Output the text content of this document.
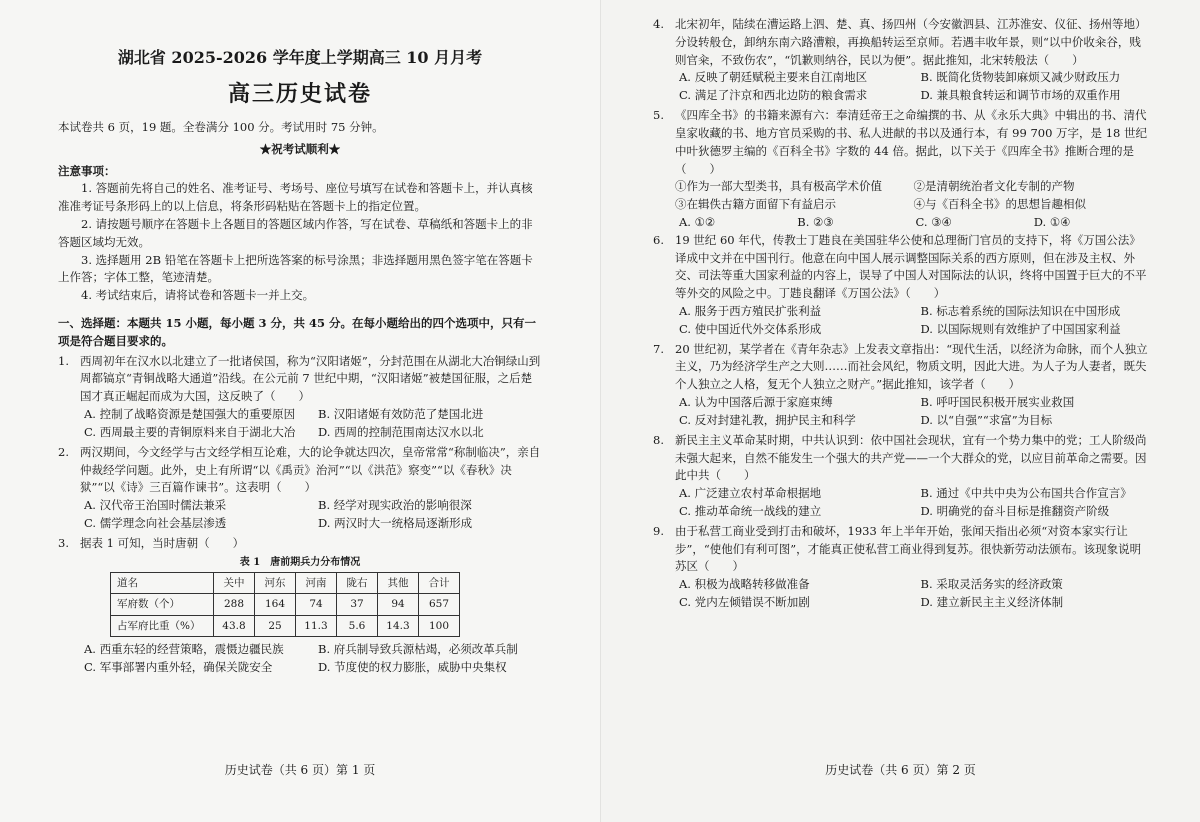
湖北省 2025-2026 学年度上学期高三 10 月月考
高三历史试卷

本试卷共 6 页，19 题。全卷满分 100 分。考试用时 75 分钟。

★祝考试顺利★

注意事项：

1. 答题前先将自己的姓名、准考证号、考场号、座位号填写在试卷和答题卡上，并认真核准准考证号条形码上的以上信息，将条形码粘贴在答题卡上的指定位置。

2. 请按题号顺序在答题卡上各题目的答题区域内作答，写在试卷、草稿纸和答题卡上的非答题区域均无效。

3. 选择题用 2B 铅笔在答题卡上把所选答案的标号涂黑；非选择题用黑色签字笔在答题卡上作答；字体工整，笔迹清楚。

4. 考试结束后，请将试卷和答题卡一并上交。

一、选择题：本题共 15 小题，每小题 3 分，共 45 分。在每小题给出的四个选项中，只有一项是符合题目要求的。

1. 西周初年在汉水以北建立了一批诸侯国，称为“汉阳诸姬”，分封范围在从湖北大冶铜绿山到周都镐京“青铜战略大通道”沿线。在公元前 7 世纪中期，“汉阳诸姬”被楚国征服，之后楚国才真正崛起而成为大国，这反映了（　　）
A. 控制了战略资源是楚国强大的重要原因	B. 汉阳诸姬有效防范了楚国北进
C. 西周最主要的青铜原料来自于湖北大冶	D. 西周的控制范围南达汉水以北
2. 两汉期间，今文经学与古文经学相互论难，大的论争就达四次，皇帝常常“称制临决”，亲自仲裁经学问题。此外，史上有所谓“以《禹贡》治河”“以《洪范》察变”“以《春秋》决狱”“以《诗》三百篇作谏书”。这表明（　　）
A. 汉代帝王治国时儒法兼采	B. 经学对现实政治的影响很深
C. 儒学理念向社会基层渗透	D. 两汉时大一统格局逐渐形成
3. 据表 1 可知，当时唐朝（　　）
表 1　唐前期兵力分布情况
道名	关中	河东	河南	陇右	其他	合计
军府数（个）	288	164	74	37	94	657
占军府比重（%）	43.8	25	11.3	5.6	14.3	100
A. 西重东轻的经营策略，震慑边疆民族	B. 府兵制导致兵源枯竭，必须改革兵制
C. 军事部署内重外轻，确保关陇安全	D. 节度使的权力膨胀，威胁中央集权
历史试卷（共 6 页）第 1 页
4. 北宋初年，陆续在漕运路上泗、楚、真、扬四州（今安徽泗县、江苏淮安、仪征、扬州等地）分设转般仓，卸纳东南六路漕粮，再换船转运至京师。若遇丰收年景，则“以中价收籴谷，贱则官籴，不致伤农”，“饥歉则纳谷，民以为便”。据此推知，北宋转般法（　　）
A. 反映了朝廷赋税主要来自江南地区	B. 既简化货物装卸麻烦又减少财政压力
C. 满足了汴京和西北边防的粮食需求	D. 兼具粮食转运和调节市场的双重作用
5. 《四库全书》的书籍来源有六：奉清廷帝王之命编撰的书、从《永乐大典》中辑出的书、清代皇家收藏的书、地方官员采购的书、私人进献的书以及通行本，有 99 700 万字，是 18 世纪中叶狄德罗主编的《百科全书》字数的 44 倍。据此，以下关于《四库全书》推断合理的是（　　）
①作为一部大型类书，具有极高学术价值	②是清朝统治者文化专制的产物
③在辑佚古籍方面留下有益启示	④与《百科全书》的思想旨趣相似
A. ①②	B. ②③	C. ③④	D. ①④
6. 19 世纪 60 年代，传教士丁韪良在美国驻华公使和总理衙门官员的支持下，将《万国公法》译成中文并在中国刊行。他意在向中国人展示调整国际关系的西方原则，但在涉及主权、外交、司法等重大国家利益的内容上，误导了中国人对国际法的认识，终将中国置于巨大的不平等外交的风险之中。丁韪良翻译《万国公法》（　　）
A. 服务于西方殖民扩张利益	B. 标志着系统的国际法知识在中国形成
C. 使中国近代外交体系形成	D. 以国际规则有效维护了中国国家利益
7. 20 世纪初，某学者在《青年杂志》上发表文章指出：“现代生活，以经济为命脉，而个人独立主义，乃为经济学生产之大则……而社会风纪，物质文明，因此大进。为人子为人妻者，既失个人独立之人格，复无个人独立之财产。”据此推知，该学者（　　）
A. 认为中国落后源于家庭束缚	B. 呼吁国民积极开展实业救国
C. 反对封建礼教，拥护民主和科学	D. 以“自强”“求富”为目标
8. 新民主主义革命某时期，中共认识到：依中国社会现状，宜有一个势力集中的党；工人阶级尚未强大起来，自然不能发生一个强大的共产党——一个大群众的党，以应目前革命之需要。因此中共（　　）
A. 广泛建立农村革命根据地	B. 通过《中共中央为公布国共合作宣言》
C. 推动革命统一战线的建立	D. 明确党的奋斗目标是推翻资产阶级
9. 由于私营工商业受到打击和破坏，1933 年上半年开始，张闻天指出必须“对资本家实行让步”，“使他们有利可图”，才能真正使私营工商业得到复苏。很快新劳动法颁布。该现象说明苏区（　　）
A. 积极为战略转移做准备	B. 采取灵活务实的经济政策
C. 党内左倾错误不断加剧	D. 建立新民主主义经济体制
历史试卷（共 6 页）第 2 页
